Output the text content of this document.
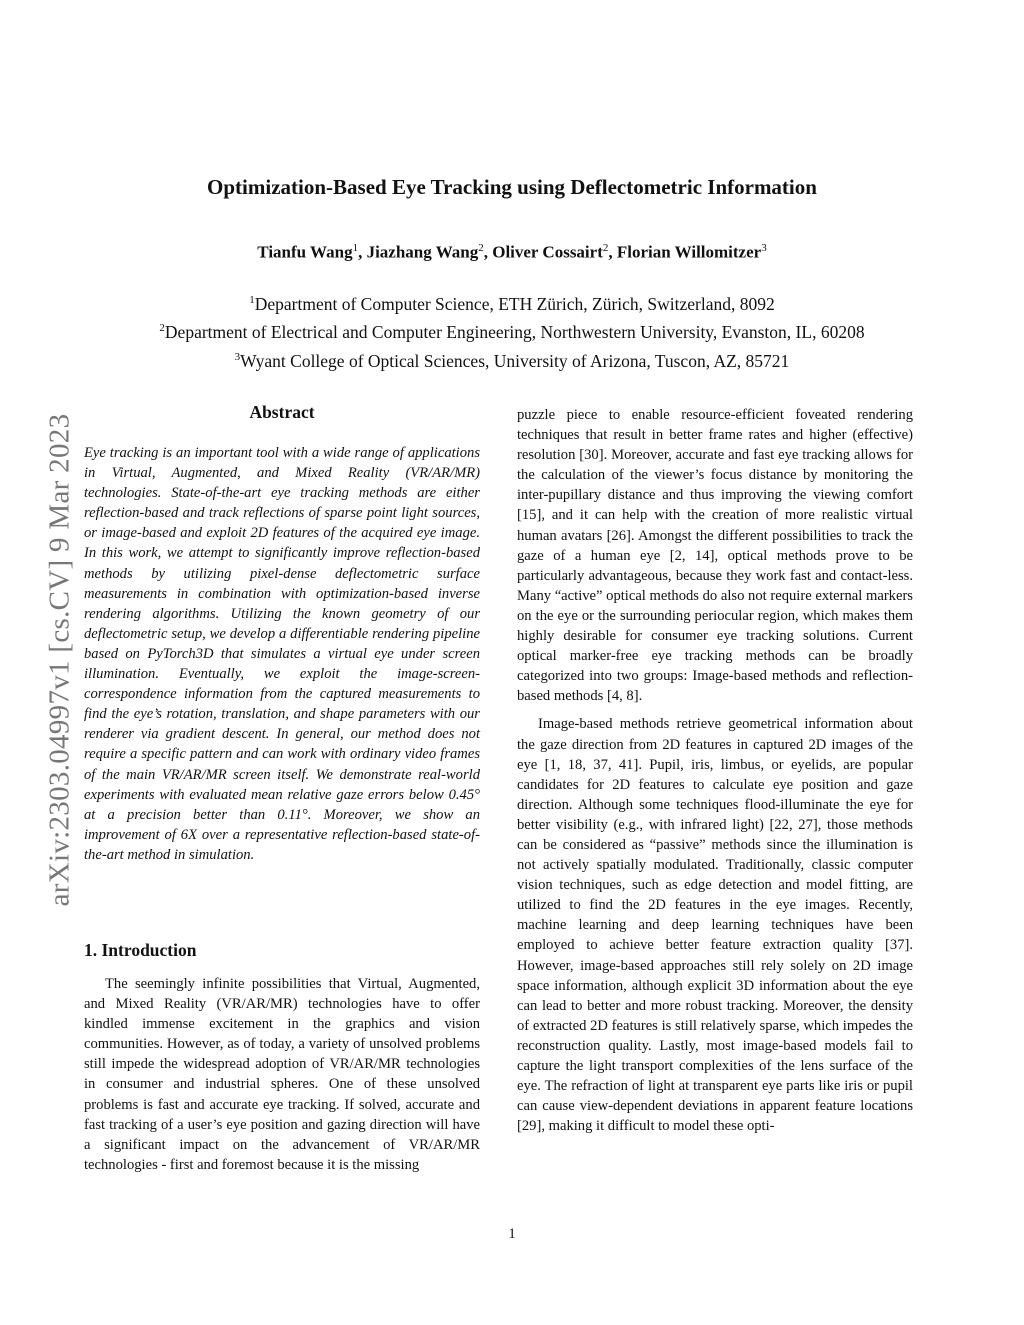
arXiv:2303.04997v1 [cs.CV] 9 Mar 2023
Optimization-Based Eye Tracking using Deflectometric Information
Tianfu Wang$^1$, Jiazhang Wang$^2$, Oliver Cossairt$^2$, Florian Willomitzer$^3$
$^1$Department of Computer Science, ETH Zürich, Zürich, Switzerland, 8092
$^2$Department of Electrical and Computer Engineering, Northwestern University, Evanston, IL, 60208
$^3$Wyant College of Optical Sciences, University of Arizona, Tuscon, AZ, 85721
Abstract
Eye tracking is an important tool with a wide range of applications in Virtual, Augmented, and Mixed Reality (VR/AR/MR) technologies. State-of-the-art eye tracking methods are either reflection-based and track reflections of sparse point light sources, or image-based and exploit 2D features of the acquired eye image. In this work, we attempt to significantly improve reflection-based methods by utilizing pixel-dense deflectometric surface measurements in combination with optimization-based inverse rendering algorithms. Utilizing the known geometry of our deflectometric setup, we develop a differentiable rendering pipeline based on PyTorch3D that simulates a virtual eye under screen illumination. Eventually, we exploit the image-screen-correspondence information from the captured measurements to find the eye’s rotation, translation, and shape parameters with our renderer via gradient descent. In general, our method does not require a specific pattern and can work with ordinary video frames of the main VR/AR/MR screen itself. We demonstrate real-world experiments with evaluated mean relative gaze errors below 0.45° at a precision better than 0.11°. Moreover, we show an improvement of 6X over a representative reflection-based state-of-the-art method in simulation.
1. Introduction

The seemingly infinite possibilities that Virtual, Augmented, and Mixed Reality (VR/AR/MR) technologies have to offer kindled immense excitement in the graphics and vision communities. However, as of today, a variety of unsolved problems still impede the widespread adoption of VR/AR/MR technologies in consumer and industrial spheres. One of these unsolved problems is fast and accurate eye tracking. If solved, accurate and fast tracking of a user’s eye position and gazing direction will have a significant impact on the advancement of VR/AR/MR technologies - first and foremost because it is the missing

puzzle piece to enable resource-efficient foveated rendering techniques that result in better frame rates and higher (effective) resolution [30]. Moreover, accurate and fast eye tracking allows for the calculation of the viewer’s focus distance by monitoring the inter-pupillary distance and thus improving the viewing comfort [15], and it can help with the creation of more realistic virtual human avatars [26]. Amongst the different possibilities to track the gaze of a human eye [2, 14], optical methods prove to be particularly advantageous, because they work fast and contact-less. Many “active” optical methods do also not require external markers on the eye or the surrounding periocular region, which makes them highly desirable for consumer eye tracking solutions. Current optical marker-free eye tracking methods can be broadly categorized into two groups: Image-based methods and reflection-based methods [4, 8].

Image-based methods retrieve geometrical information about the gaze direction from 2D features in captured 2D images of the eye [1, 18, 37, 41]. Pupil, iris, limbus, or eyelids, are popular candidates for 2D features to calculate eye position and gaze direction. Although some techniques flood-illuminate the eye for better visibility (e.g., with infrared light) [22, 27], those methods can be considered as “passive” methods since the illumination is not actively spatially modulated. Traditionally, classic computer vision techniques, such as edge detection and model fitting, are utilized to find the 2D features in the eye images. Recently, machine learning and deep learning techniques have been employed to achieve better feature extraction quality [37]. However, image-based approaches still rely solely on 2D image space information, although explicit 3D information about the eye can lead to better and more robust tracking. Moreover, the density of extracted 2D features is still relatively sparse, which impedes the reconstruction quality. Lastly, most image-based models fail to capture the light transport complexities of the lens surface of the eye. The refraction of light at transparent eye parts like iris or pupil can cause view-dependent deviations in apparent feature locations [29], making it difficult to model these opti-

1
